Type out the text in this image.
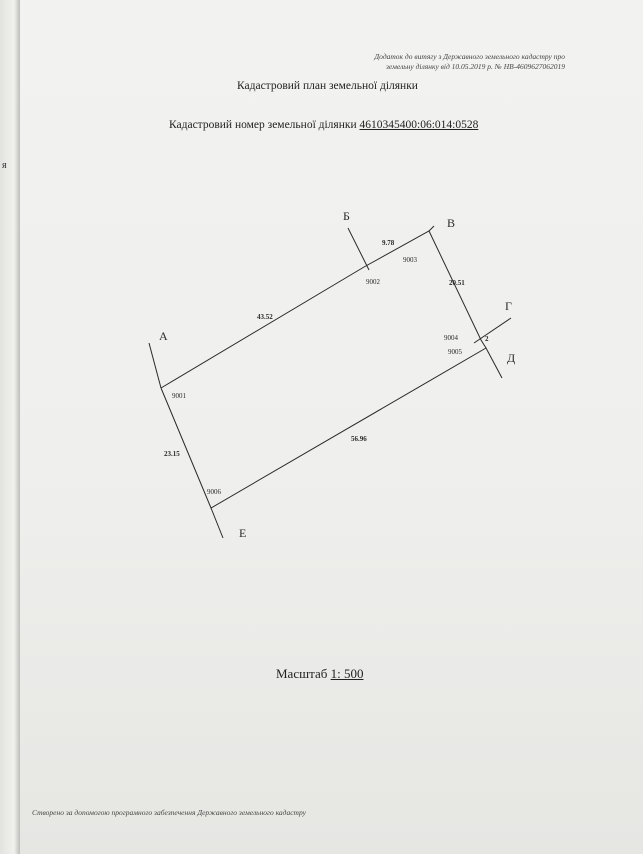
я
Додаток до витягу з Державного земельного кадастру про
земельну ділянку від 10.05.2019 р. № НВ-4609627062019
Кадастровий план земельної ділянки
Кадастровий номер земельної ділянки 4610345400:06:014:0528
9001
9002
9003
9004
9005
9006
43.52
9.78
20.51
2
56.96
23.15
А
Б	В
Г
Д
Е
Масштаб 1: 500
Створено за допомогою програмного забезпечення Державного земельного кадастру
